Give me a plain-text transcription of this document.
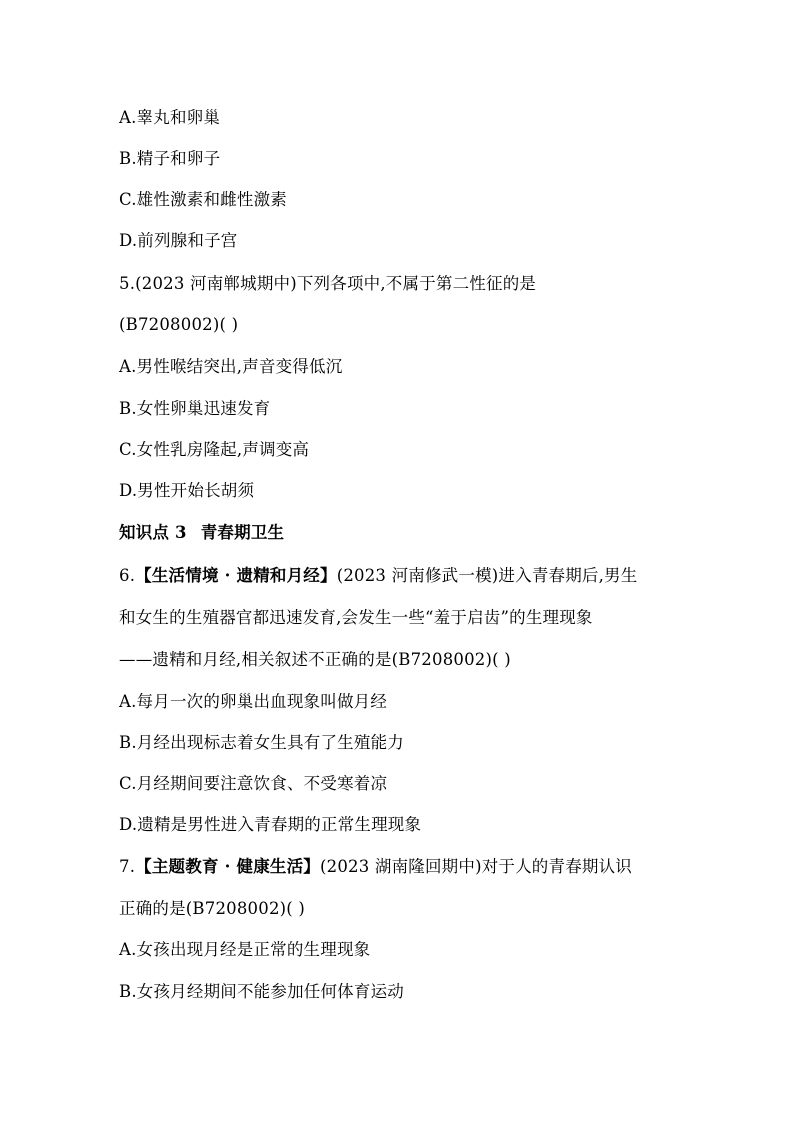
A.睾丸和卵巢
B.精子和卵子
C.雄性激素和雌性激素
D.前列腺和子宫
5.(2023 河南郸城期中)下列各项中,不属于第二性征的是
(B7208002)( )
A.男性喉结突出,声音变得低沉
B.女性卵巢迅速发育
C.女性乳房隆起,声调变高
D.男性开始长胡须
知识点 3 青春期卫生
6.【生活情境 · 遗精和月经】(2023 河南修武一模)进入青春期后,男生
和女生的生殖器官都迅速发育,会发生一些“羞于启齿”的生理现象
——遗精和月经,相关叙述不正确的是(B7208002)( )
A.每月一次的卵巢出血现象叫做月经
B.月经出现标志着女生具有了生殖能力
C.月经期间要注意饮食、不受寒着凉
D.遗精是男性进入青春期的正常生理现象
7.【主题教育 · 健康生活】(2023 湖南隆回期中)对于人的青春期认识
正确的是(B7208002)( )
A.女孩出现月经是正常的生理现象
B.女孩月经期间不能参加任何体育运动
